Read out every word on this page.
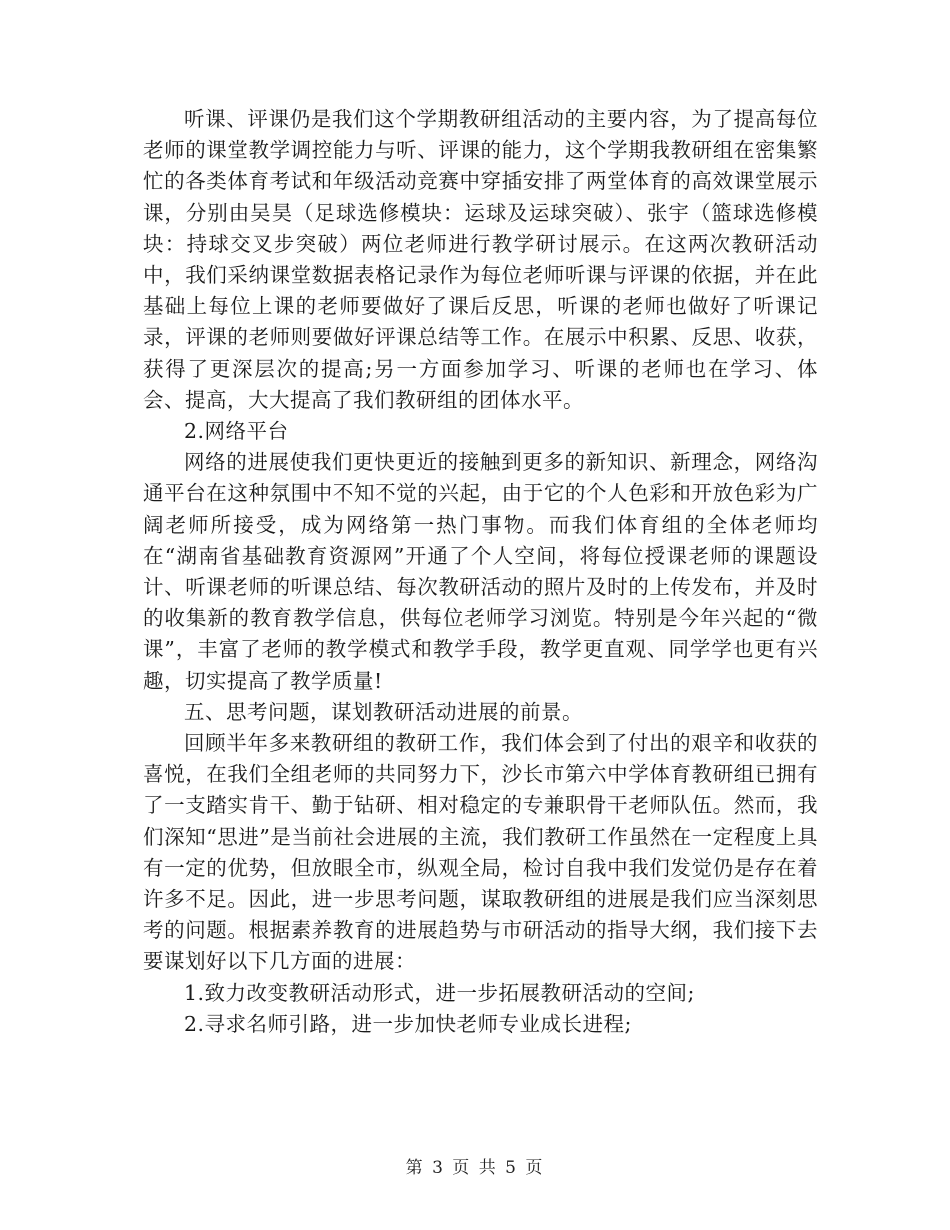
听课、评课仍是我们这个学期教研组活动的主要内容，为了提高每位老师的课堂教学调控能力与听、评课的能力，这个学期我教研组在密集繁忙的各类体育考试和年级活动竞赛中穿插安排了两堂体育的高效课堂展示课，分别由吴昊（足球选修模块：运球及运球突破）、张宇（篮球选修模块：持球交叉步突破）两位老师进行教学研讨展示。在这两次教研活动中，我们采纳课堂数据表格记录作为每位老师听课与评课的依据，并在此基础上每位上课的老师要做好了课后反思，听课的老师也做好了听课记录，评课的老师则要做好评课总结等工作。在展示中积累、反思、收获，获得了更深层次的提高;另一方面参加学习、听课的老师也在学习、体会、提高，大大提高了我们教研组的团体水平。

2.网络平台

网络的进展使我们更快更近的接触到更多的新知识、新理念，网络沟通平台在这种氛围中不知不觉的兴起，由于它的个人色彩和开放色彩为广阔老师所接受，成为网络第一热门事物。而我们体育组的全体老师均在“湖南省基础教育资源网”开通了个人空间，将每位授课老师的课题设计、听课老师的听课总结、每次教研活动的照片及时的上传发布，并及时的收集新的教育教学信息，供每位老师学习浏览。特别是今年兴起的“微课”，丰富了老师的教学模式和教学手段，教学更直观、同学学也更有兴趣，切实提高了教学质量!

五、思考问题，谋划教研活动进展的前景。

回顾半年多来教研组的教研工作，我们体会到了付出的艰辛和收获的喜悦，在我们全组老师的共同努力下，沙长市第六中学体育教研组已拥有了一支踏实肯干、勤于钻研、相对稳定的专兼职骨干老师队伍。然而，我们深知“思进”是当前社会进展的主流，我们教研工作虽然在一定程度上具有一定的优势，但放眼全市，纵观全局，检讨自我中我们发觉仍是存在着许多不足。因此，进一步思考问题，谋取教研组的进展是我们应当深刻思考的问题。根据素养教育的进展趋势与市研活动的指导大纲，我们接下去要谋划好以下几方面的进展：

1.致力改变教研活动形式，进一步拓展教研活动的空间;

2.寻求名师引路，进一步加快老师专业成长进程;

第 3 页 共 5 页
